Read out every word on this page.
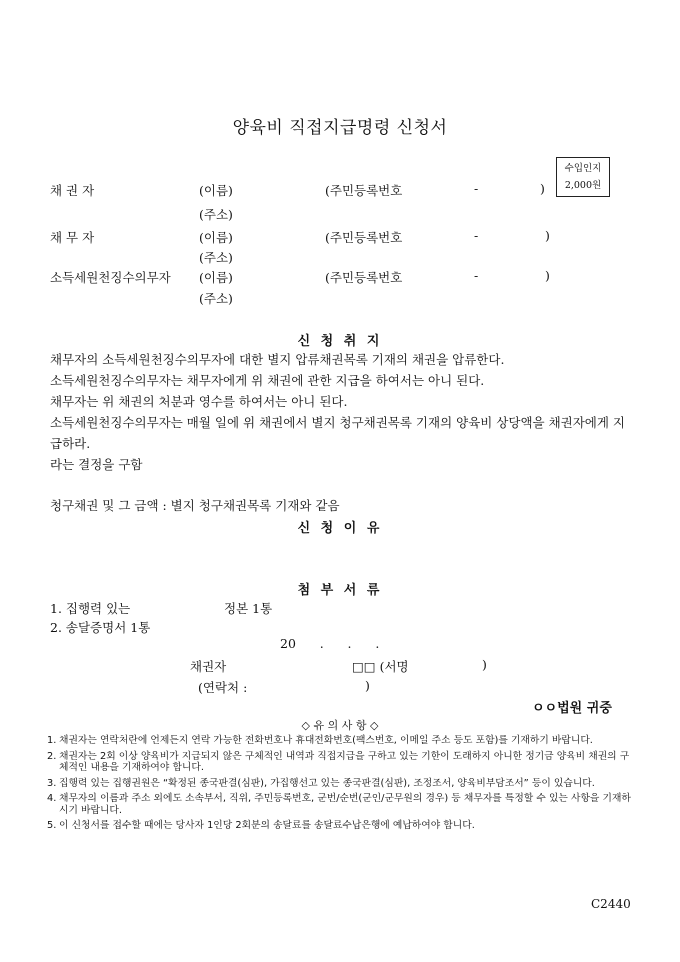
양육비 직접지급명령 신청서
수입인지
2,000원
채 권 자	(이름)	(주민등록번호	-	)
(주소)
채 무 자	(이름)	(주민등록번호	-	)
(주소)
소득세원천징수의무자 (이름)	(주민등록번호	-	)
(주소)
신 청 취 지
채무자의 소득세원천징수의무자에 대한 별지 압류채권목록 기재의 채권을 압류한다.
소득세원천징수의무자는 채무자에게 위 채권에 관한 지급을 하여서는 아니 된다.
채무자는 위 채권의 처분과 영수를 하여서는 아니 된다.
소득세원천징수의무자는 매월 일에 위 채권에서 별지 청구채권목록 기재의 양육비 상당액을 채권자에게 지급하라.
라는 결정을 구함
청구채권 및 그 금액 : 별지 청구채권목록 기재와 같음
신 청 이 유
첨 부 서 류
1. 집행력 있는	정본 1통
2. 송달증명서 1통
20      .      .      .
채권자	□□ (서명	)
(연락처 :	)
ㅇㅇ법원 귀중
◇ 유 의 사 항 ◇
1. 채권자는 연락처란에 언제든지 연락 가능한 전화번호나 휴대전화번호(팩스번호, 이메일 주소 등도 포함)를 기재하기 바랍니다.
2. 채권자는 2회 이상 양육비가 지급되지 않은 구체적인 내역과 직접지급을 구하고 있는 기한이 도래하지 아니한 정기금 양육비 채권의 구체적인 내용을 기재하여야 합니다.
3. 집행력 있는 집행권원은 “확정된 종국판결(심판), 가집행선고 있는 종국판결(심판), 조정조서, 양육비부담조서” 등이 있습니다.
4. 채무자의 이름과 주소 외에도 소속부서, 직위, 주민등록번호, 군번/순번(군인/군무원의 경우) 등 채무자를 특정할 수 있는 사항을 기재하시기 바랍니다.
5. 이 신청서를 접수할 때에는 당사자 1인당 2회분의 송달료를 송달료수납은행에 예납하여야 합니다.
C2440
